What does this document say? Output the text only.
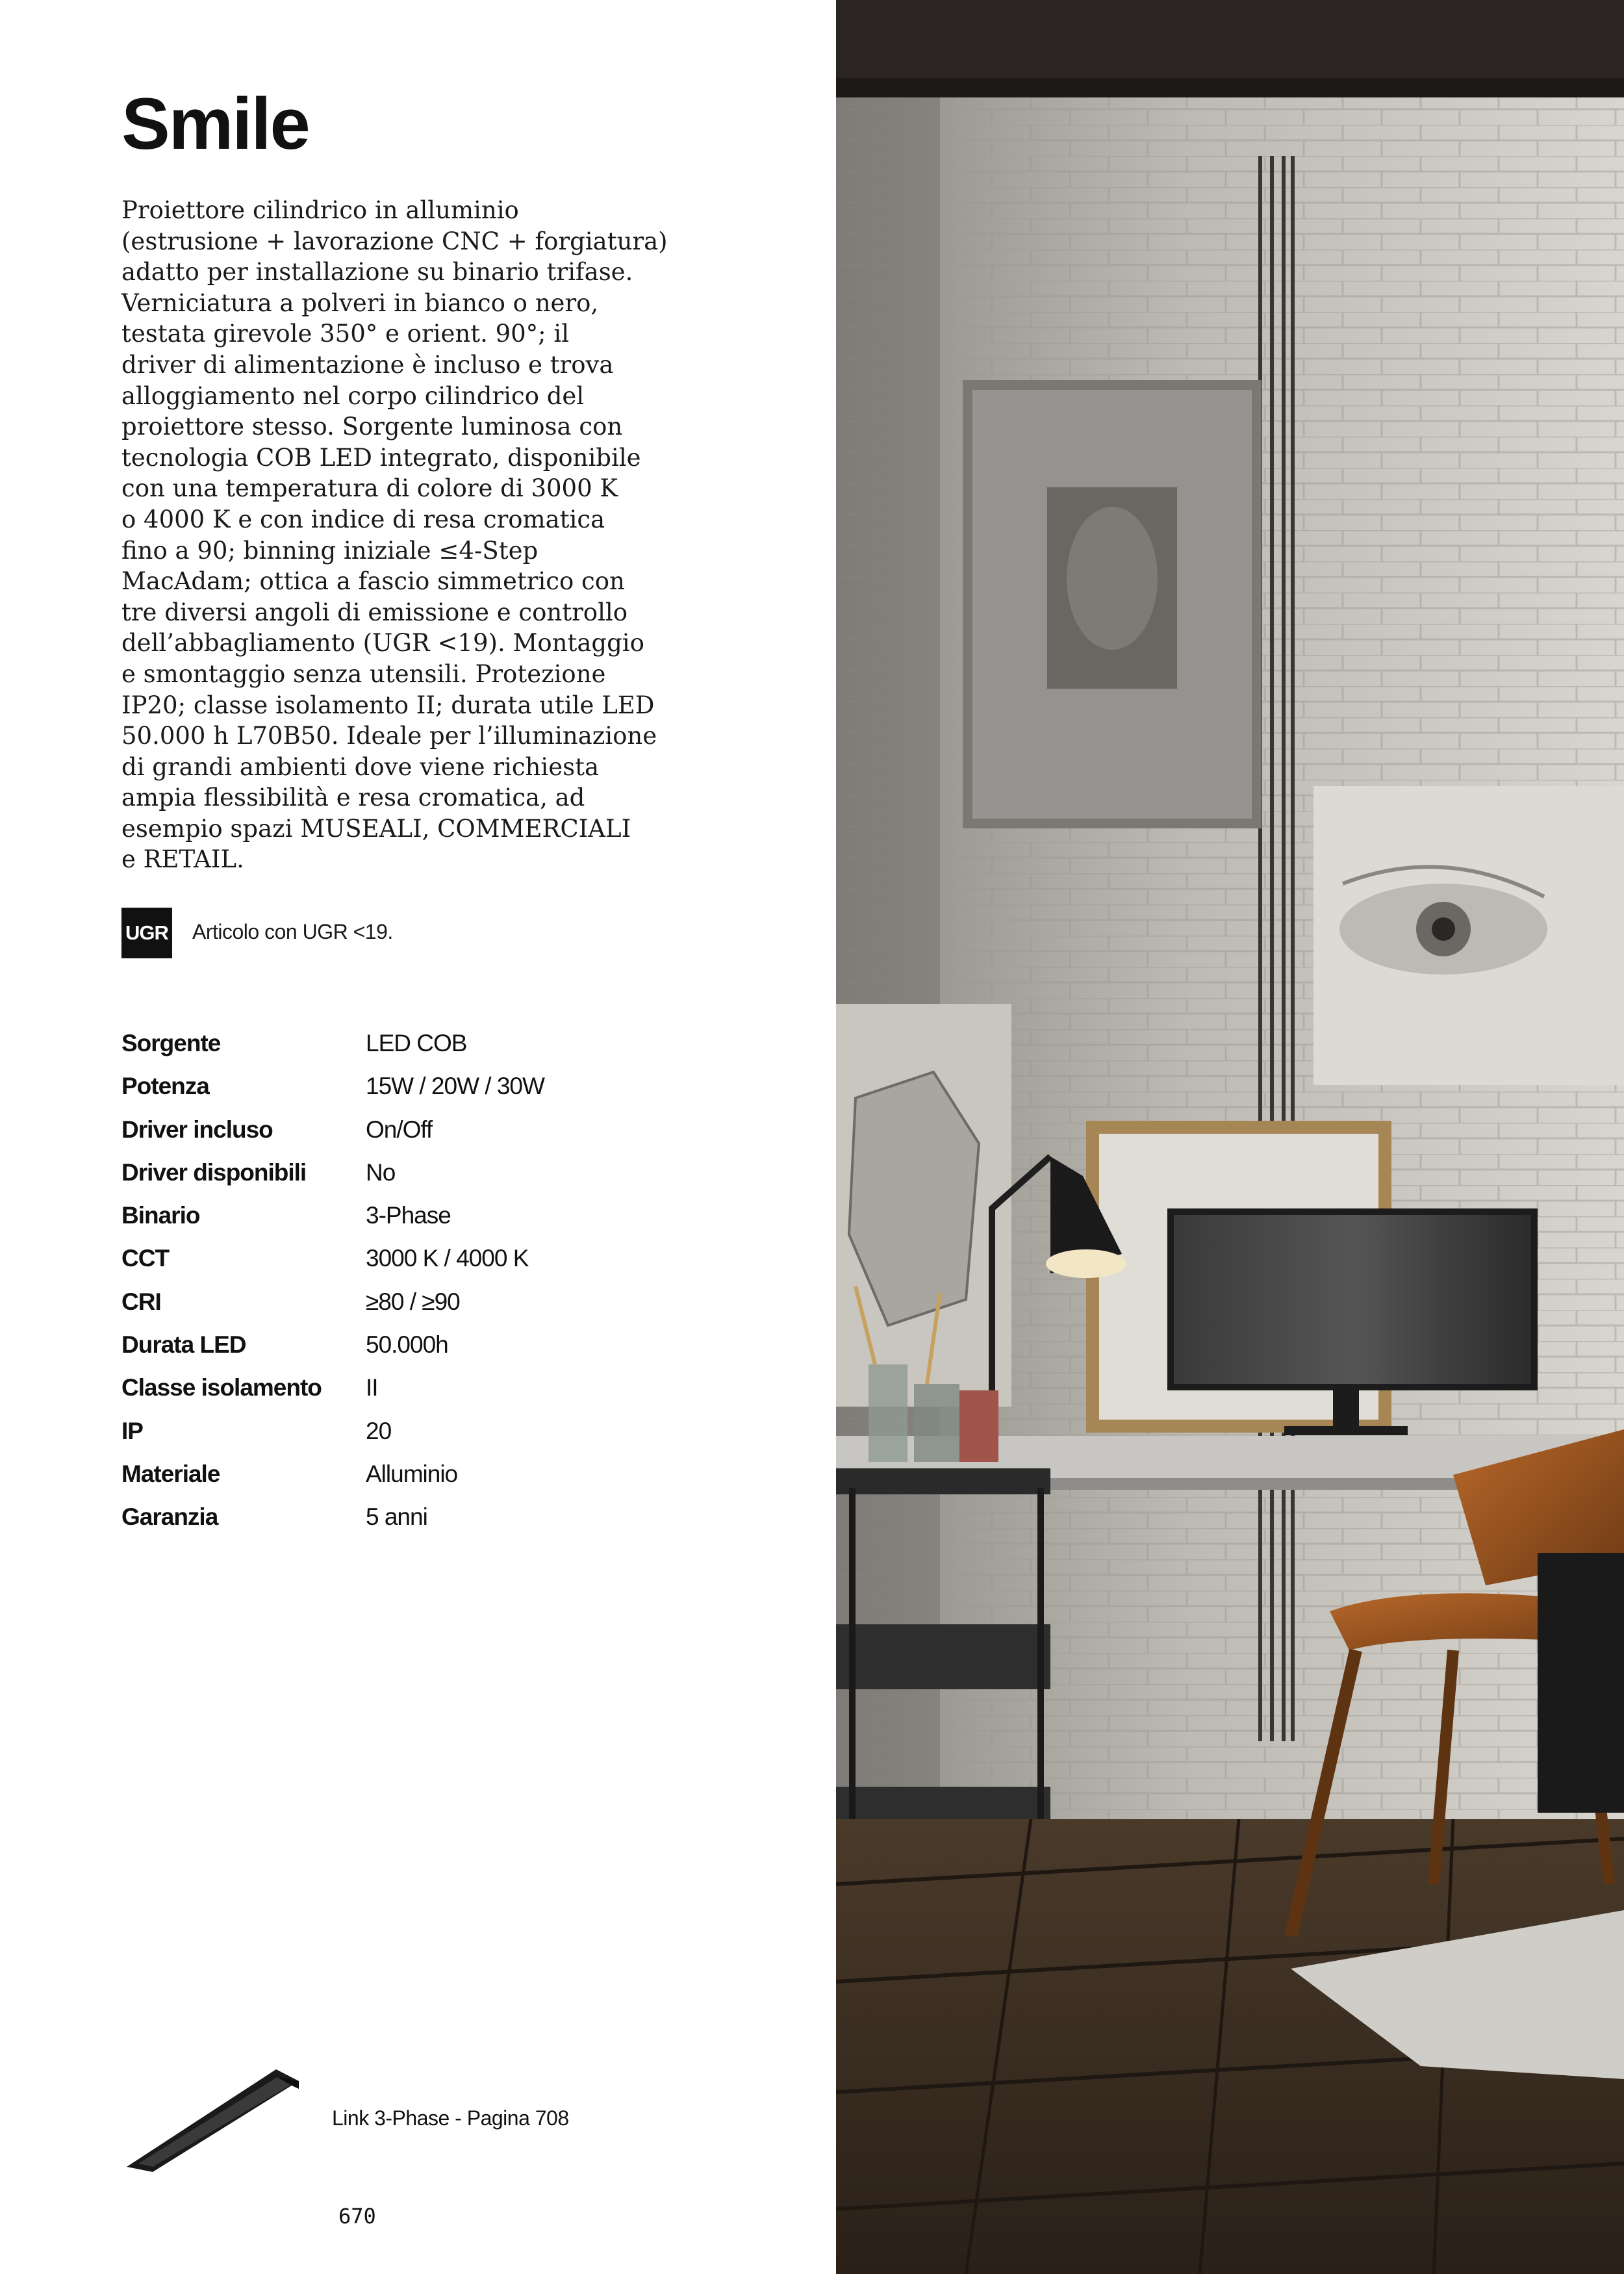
Smile

Proiettore cilindrico in alluminio

(estrusione + lavorazione CNC + forgiatura)

adatto per installazione su binario trifase.

Verniciatura a polveri in bianco o nero,

testata girevole 350° e orient. 90°; il

driver di alimentazione è incluso e trova

alloggiamento nel corpo cilindrico del

proiettore stesso. Sorgente luminosa con

tecnologia COB LED integrato, disponibile

con una temperatura di colore di 3000 K

o 4000 K e con indice di resa cromatica

fino a 90; binning iniziale ≤4-Step

MacAdam; ottica a fascio simmetrico con

tre diversi angoli di emissione e controllo

dell’abbagliamento (UGR <19). Montaggio

e smontaggio senza utensili. Protezione

IP20; classe isolamento II; durata utile LED

50.000 h L70B50. Ideale per l’illuminazione

di grandi ambienti dove viene richiesta

ampia flessibilità e resa cromatica, ad

esempio spazi MUSEALI, COMMERCIALI

e RETAIL.

UGR Articolo con UGR <19.
Sorgente	LED COB
Potenza	15W / 20W / 30W
Driver incluso	On/Off
Driver disponibili	No
Binario	3-Phase
CCT	3000 K / 4000 K
CRI	≥80 / ≥90
Durata LED	50.000h
Classe isolamento	II
IP	20
Materiale	Alluminio
Garanzia	5 anni
Link 3-Phase - Pagina 708
670
